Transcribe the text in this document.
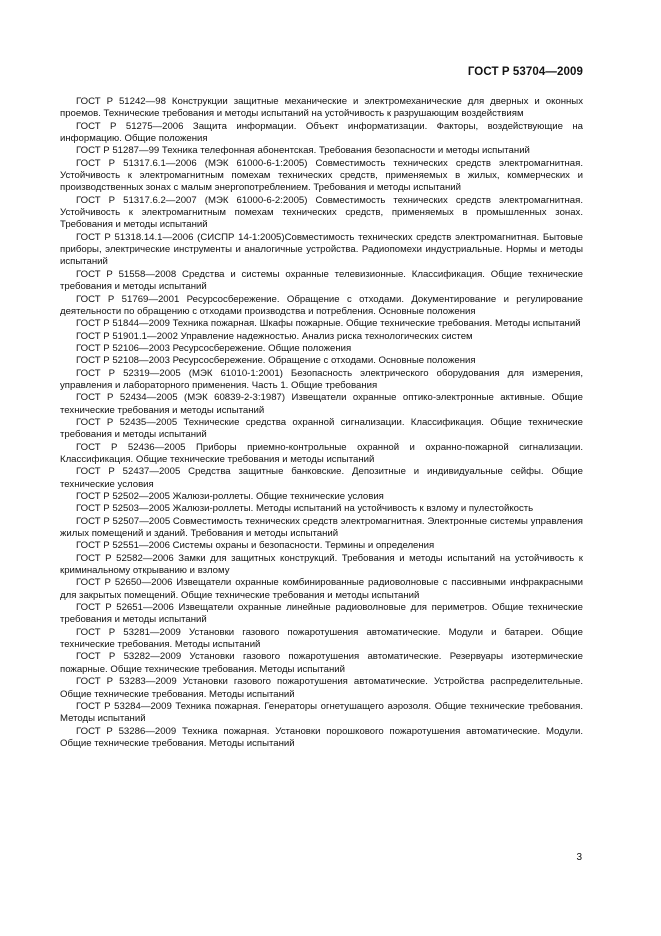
ГОСТ Р 53704—2009

ГОСТ Р 51242—98 Конструкции защитные механические и электромеханические для дверных и оконных проемов. Технические требования и методы испытаний на устойчивость к разрушающим воздействиям

ГОСТ Р 51275—2006 Защита информации. Объект информатизации. Факторы, воздействующие на информацию. Общие положения

ГОСТ Р 51287—99 Техника телефонная абонентская. Требования безопасности и методы испытаний

ГОСТ Р 51317.6.1—2006 (МЭК 61000-6-1:2005) Совместимость технических средств электромагнитная. Устойчивость к электромагнитным помехам технических средств, применяемых в жилых, коммерческих и производственных зонах с малым энергопотреблением. Требования и методы испытаний

ГОСТ Р 51317.6.2—2007 (МЭК 61000-6-2:2005) Совместимость технических средств электромагнитная. Устойчивость к электромагнитным помехам технических средств, применяемых в промышленных зонах. Требования и методы испытаний

ГОСТ Р 51318.14.1—2006 (СИСПР 14-1:2005)Совместимость технических средств электромагнитная. Бытовые приборы, электрические инструменты и аналогичные устройства. Радиопомехи индустриальные. Нормы и методы испытаний

ГОСТ Р 51558—2008 Средства и системы охранные телевизионные. Классификация. Общие технические требования и методы испытаний

ГОСТ Р 51769—2001 Ресурсосбережение. Обращение с отходами. Документирование и регулирование деятельности по обращению с отходами производства и потребления. Основные положения

ГОСТ Р 51844—2009 Техника пожарная. Шкафы пожарные. Общие технические требования. Методы испытаний

ГОСТ Р 51901.1—2002 Управление надежностью. Анализ риска технологических систем

ГОСТ Р 52106—2003 Ресурсосбережение. Общие положения

ГОСТ Р 52108—2003 Ресурсосбережение. Обращение с отходами. Основные положения

ГОСТ Р 52319—2005 (МЭК 61010-1:2001) Безопасность электрического оборудования для измерения, управления и лабораторного применения. Часть 1. Общие требования

ГОСТ Р 52434—2005 (МЭК 60839-2-3:1987) Извещатели охранные оптико-электронные активные. Общие технические требования и методы испытаний

ГОСТ Р 52435—2005 Технические средства охранной сигнализации. Классификация. Общие технические требования и методы испытаний

ГОСТ Р 52436—2005 Приборы приемно-контрольные охранной и охранно-пожарной сигнализации. Классификация. Общие технические требования и методы испытаний

ГОСТ Р 52437—2005 Средства защитные банковские. Депозитные и индивидуальные сейфы. Общие технические условия

ГОСТ Р 52502—2005 Жалюзи-роллеты. Общие технические условия

ГОСТ Р 52503—2005 Жалюзи-роллеты. Методы испытаний на устойчивость к взлому и пулестойкость

ГОСТ Р 52507—2005 Совместимость технических средств электромагнитная. Электронные системы управления жилых помещений и зданий. Требования и методы испытаний

ГОСТ Р 52551—2006 Системы охраны и безопасности. Термины и определения

ГОСТ Р 52582—2006 Замки для защитных конструкций. Требования и методы испытаний на устойчивость к криминальному открыванию и взлому

ГОСТ Р 52650—2006 Извещатели охранные комбинированные радиоволновые с пассивными инфракрасными для закрытых помещений. Общие технические требования и методы испытаний

ГОСТ Р 52651—2006 Извещатели охранные линейные радиоволновые для периметров. Общие технические требования и методы испытаний

ГОСТ Р 53281—2009 Установки газового пожаротушения автоматические. Модули и батареи. Общие технические требования. Методы испытаний

ГОСТ Р 53282—2009 Установки газового пожаротушения автоматические. Резервуары изотермические пожарные. Общие технические требования. Методы испытаний

ГОСТ Р 53283—2009 Установки газового пожаротушения автоматические. Устройства распределительные. Общие технические требования. Методы испытаний

ГОСТ Р 53284—2009 Техника пожарная. Генераторы огнетушащего аэрозоля. Общие технические требования. Методы испытаний

ГОСТ Р 53286—2009 Техника пожарная. Установки порошкового пожаротушения автоматические. Модули. Общие технические требования. Методы испытаний

3
